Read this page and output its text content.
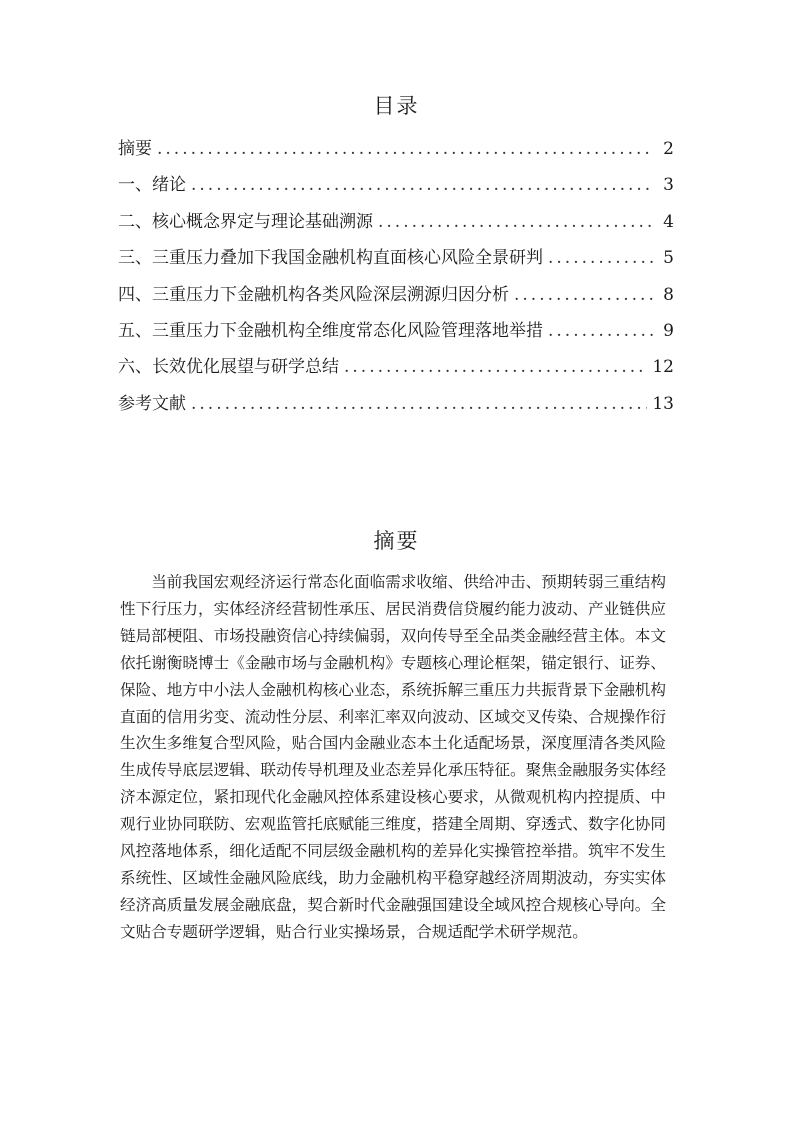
目录
摘要 .....	2
一、绪论 .....	3
二、核心概念界定与理论基础溯源 .....	4
三、三重压力叠加下我国金融机构直面核心风险全景研判 .....	5
四、三重压力下金融机构各类风险深层溯源归因分析 .....	8
五、三重压力下金融机构全维度常态化风险管理落地举措 .....	9
六、长效优化展望与研学总结 .....	12
参考文献 .....	13
摘要

当前我国宏观经济运行常态化面临需求收缩、供给冲击、预期转弱三重结构性下行压力，实体经济经营韧性承压、居民消费信贷履约能力波动、产业链供应链局部梗阻、市场投融资信心持续偏弱，双向传导至全品类金融经营主体。本文依托谢衡晓博士《金融市场与金融机构》专题核心理论框架，锚定银行、证券、保险、地方中小法人金融机构核心业态，系统拆解三重压力共振背景下金融机构直面的信用劣变、流动性分层、利率汇率双向波动、区域交叉传染、合规操作衍生次生多维复合型风险，贴合国内金融业态本土化适配场景，深度厘清各类风险生成传导底层逻辑、联动传导机理及业态差异化承压特征。聚焦金融服务实体经济本源定位，紧扣现代化金融风控体系建设核心要求，从微观机构内控提质、中观行业协同联防、宏观监管托底赋能三维度，搭建全周期、穿透式、数字化协同风控落地体系，细化适配不同层级金融机构的差异化实操管控举措。筑牢不发生系统性、区域性金融风险底线，助力金融机构平稳穿越经济周期波动，夯实实体经济高质量发展金融底盘，契合新时代金融强国建设全域风控合规核心导向。全文贴合专题研学逻辑，贴合行业实操场景，合规适配学术研学规范。
